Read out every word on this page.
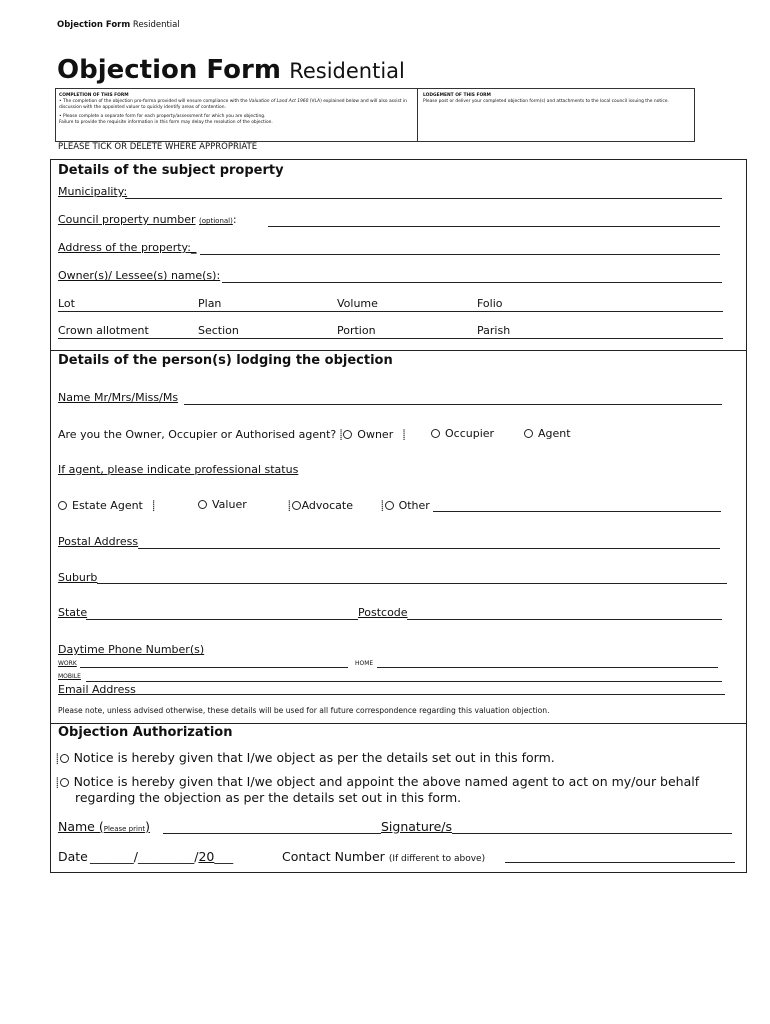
Objection Form Residential
Objection Form Residential
COMPLETION OF THIS FORM
• The completion of the objection pro-forma provided will ensure compliance with the Valuation of Land Act 1960 (VLA) explained below and will also assist in discussion with the appointed valuer to quickly identify areas of contention.
• Please complete a separate form for each property/assessment for which you are objecting.
Failure to provide the requisite information in this form may delay the resolution of the objection.
LODGEMENT OF THIS FORM
Please post or deliver your completed objection form(s) and attachments to the local council issuing the notice.
PLEASE TICK OR DELETE WHERE APPROPRIATE
Details of the subject property
Municipality:
Council property number (optional):
Address of the property:_
Owner(s)/ Lessee(s) name(s):
Lot	Plan	Volume	Folio
Crown allotment	Section	Portion	Parish
Details of the person(s) lodging the objection
Name Mr/Mrs/Miss/Ms
Are you the Owner, Occupier or Authorised agent? ⸽ Owner ⸽	Occupier	Agent
If agent, please indicate professional status
Estate Agent ⸽	Valuer	⸽ Advocate	⸽ Other
Postal Address
Suburb
State	Postcode
Daytime Phone Number(s)
WORK	HOME
MOBILE
Email Address
Please note, unless advised otherwise, these details will be used for all future correspondence regarding this valuation objection.
Objection Authorization
⸽ Notice is hereby given that I/we object as per the details set out in this form.
⸽ Notice is hereby given that I/we object and appoint the above named agent to act on my/our behalf
regarding the objection as per the details set out in this form.
Name (Please print)	Signature/s
Date _______/_________/20___	Contact Number (If different to above)
